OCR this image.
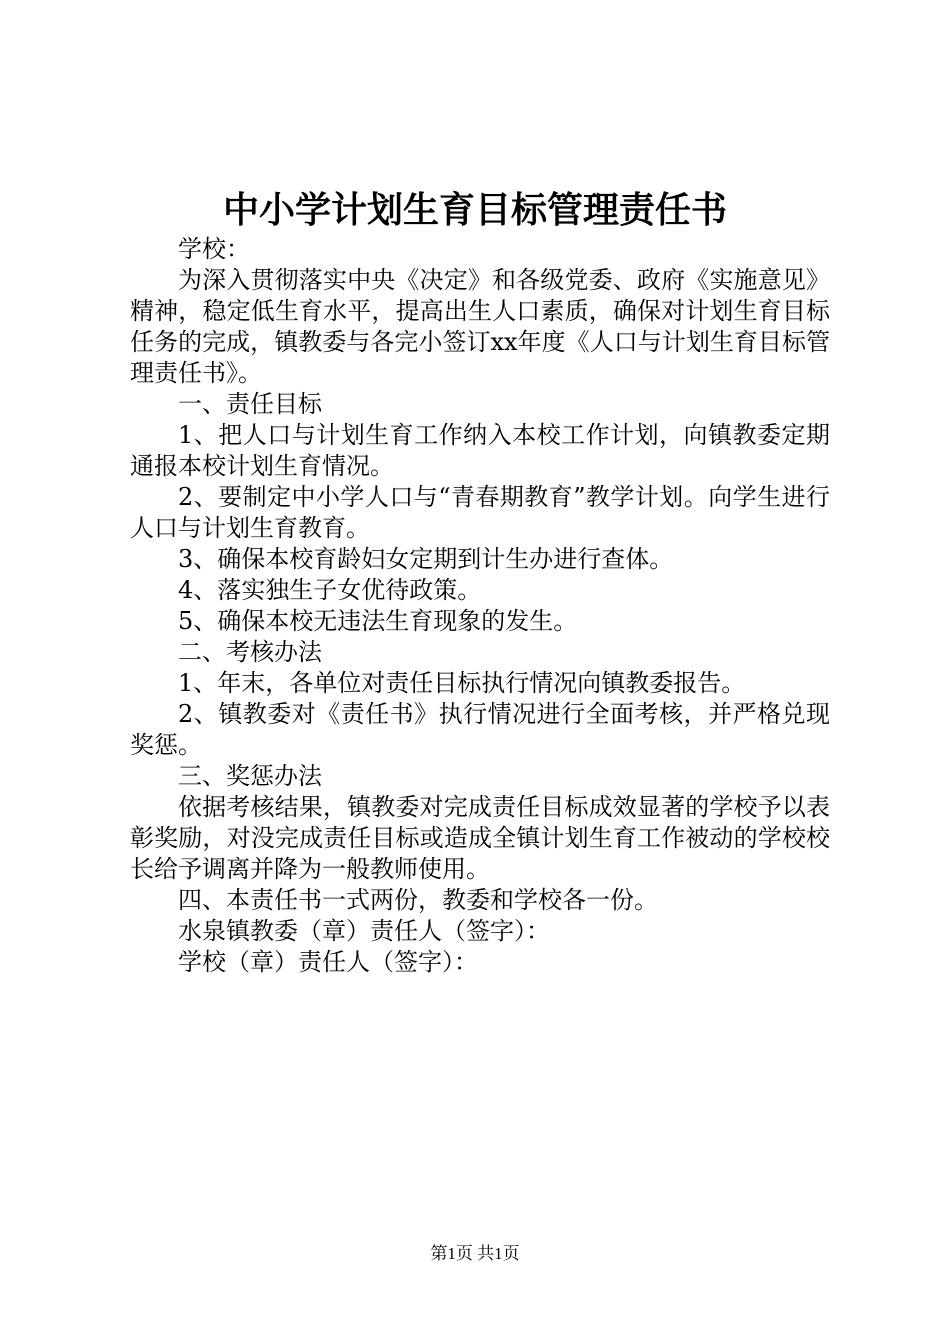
中小学计划生育目标管理责任书

学校：

为深入贯彻落实中央《决定》和各级党委、政府《实施意见》精神，稳定低生育水平，提高出生人口素质，确保对计划生育目标任务的完成，镇教委与各完小签订xx年度《人口与计划生育目标管理责任书》。

一、责任目标

1、把人口与计划生育工作纳入本校工作计划，向镇教委定期通报本校计划生育情况。

2、要制定中小学人口与“青春期教育”教学计划。向学生进行人口与计划生育教育。

3、确保本校育龄妇女定期到计生办进行查体。

4、落实独生子女优待政策。

5、确保本校无违法生育现象的发生。

二、考核办法

1、年末，各单位对责任目标执行情况向镇教委报告。

2、镇教委对《责任书》执行情况进行全面考核，并严格兑现奖惩。

三、奖惩办法

依据考核结果，镇教委对完成责任目标成效显著的学校予以表彰奖励，对没完成责任目标或造成全镇计划生育工作被动的学校校长给予调离并降为一般教师使用。

四、本责任书一式两份，教委和学校各一份。

水泉镇教委（章）责任人（签字）：

学校（章）责任人（签字）：

第1页 共1页
